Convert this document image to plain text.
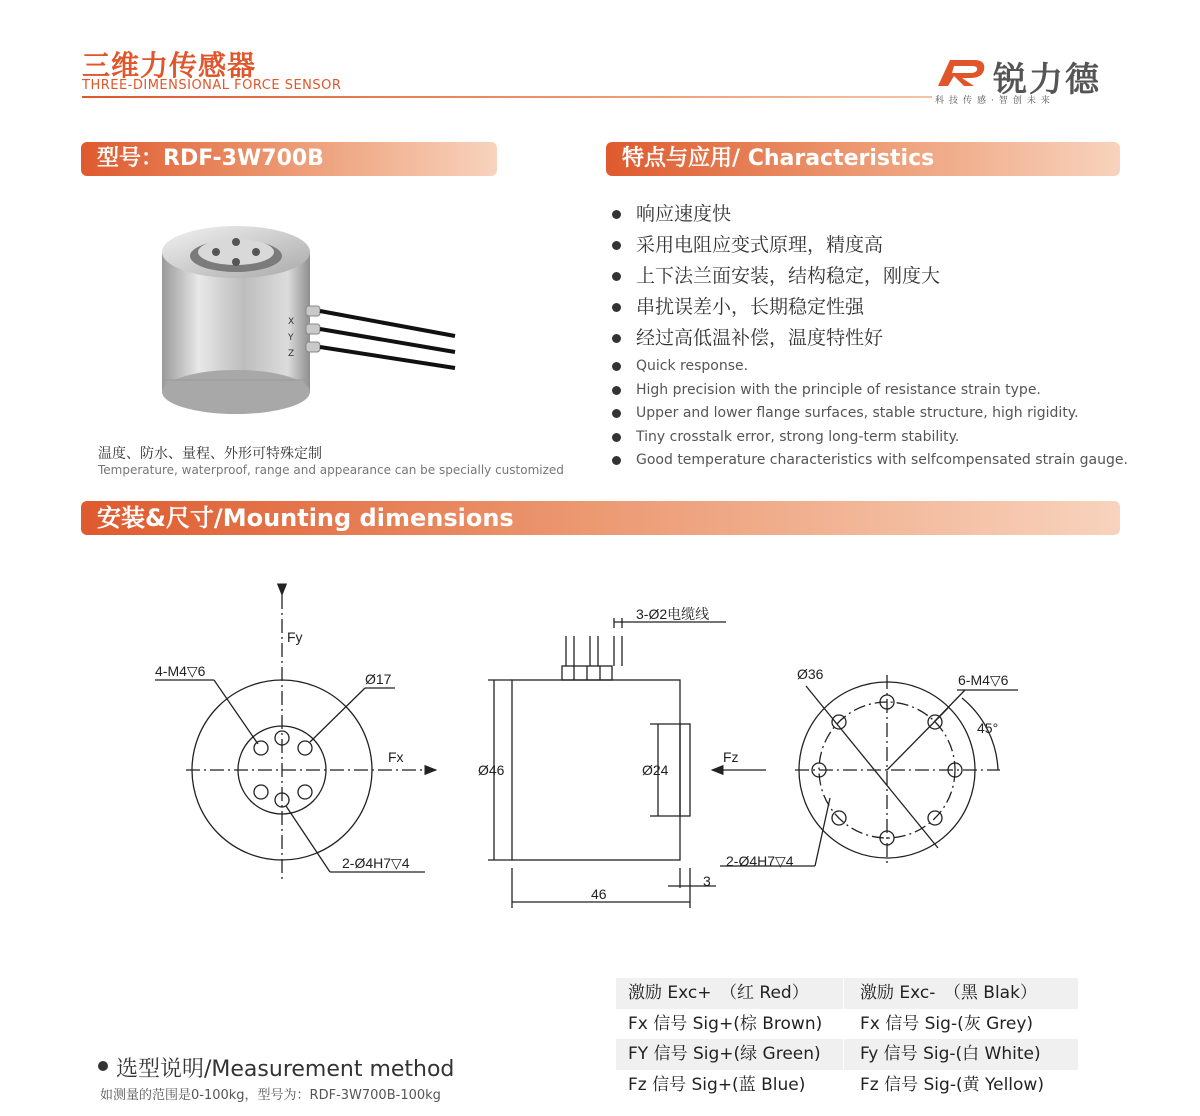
三维力传感器
THREE-DIMENSIONAL FORCE SENSOR	锐力德
科技传感·智创未来
型号：RDF-3W700B	特点与应用/ Characteristics
X
Y
Z
温度、防水、量程、外形可特殊定制
Temperature, waterproof, range and appearance can be specially customized
响应速度快
采用电阻应变式原理，精度高
上下法兰面安装，结构稳定，刚度大
串扰误差小，长期稳定性强
经过高低温补偿，温度特性好
Quick response.
High precision with the principle of resistance strain type.
Upper and lower flange surfaces, stable structure, high rigidity.
Tiny crosstalk error, strong long-term stability.
Good temperature characteristics with selfcompensated strain gauge.
安装&尺寸/Mounting dimensions
Fy
Fx
4-M4▽6	Ø17
2-Ø4H7▽4
3-Ø2电缆线
Ø46	Ø24
Fz
2-Ø4H7▽4
46
3
Ø36	6-M4▽6
45°
激励 Exc+　（红 Red）	激励 Exc-　（黑 Blak）
Fx 信号 Sig+(棕 Brown)	Fx 信号 Sig-(灰 Grey)
FY 信号 Sig+(绿 Green)	Fy 信号 Sig-(白 White)
Fz 信号 Sig+(蓝 Blue)	Fz 信号 Sig-(黄 Yellow)
选型说明/Measurement method
如测量的范围是0-100kg，型号为：RDF-3W700B-100kg
